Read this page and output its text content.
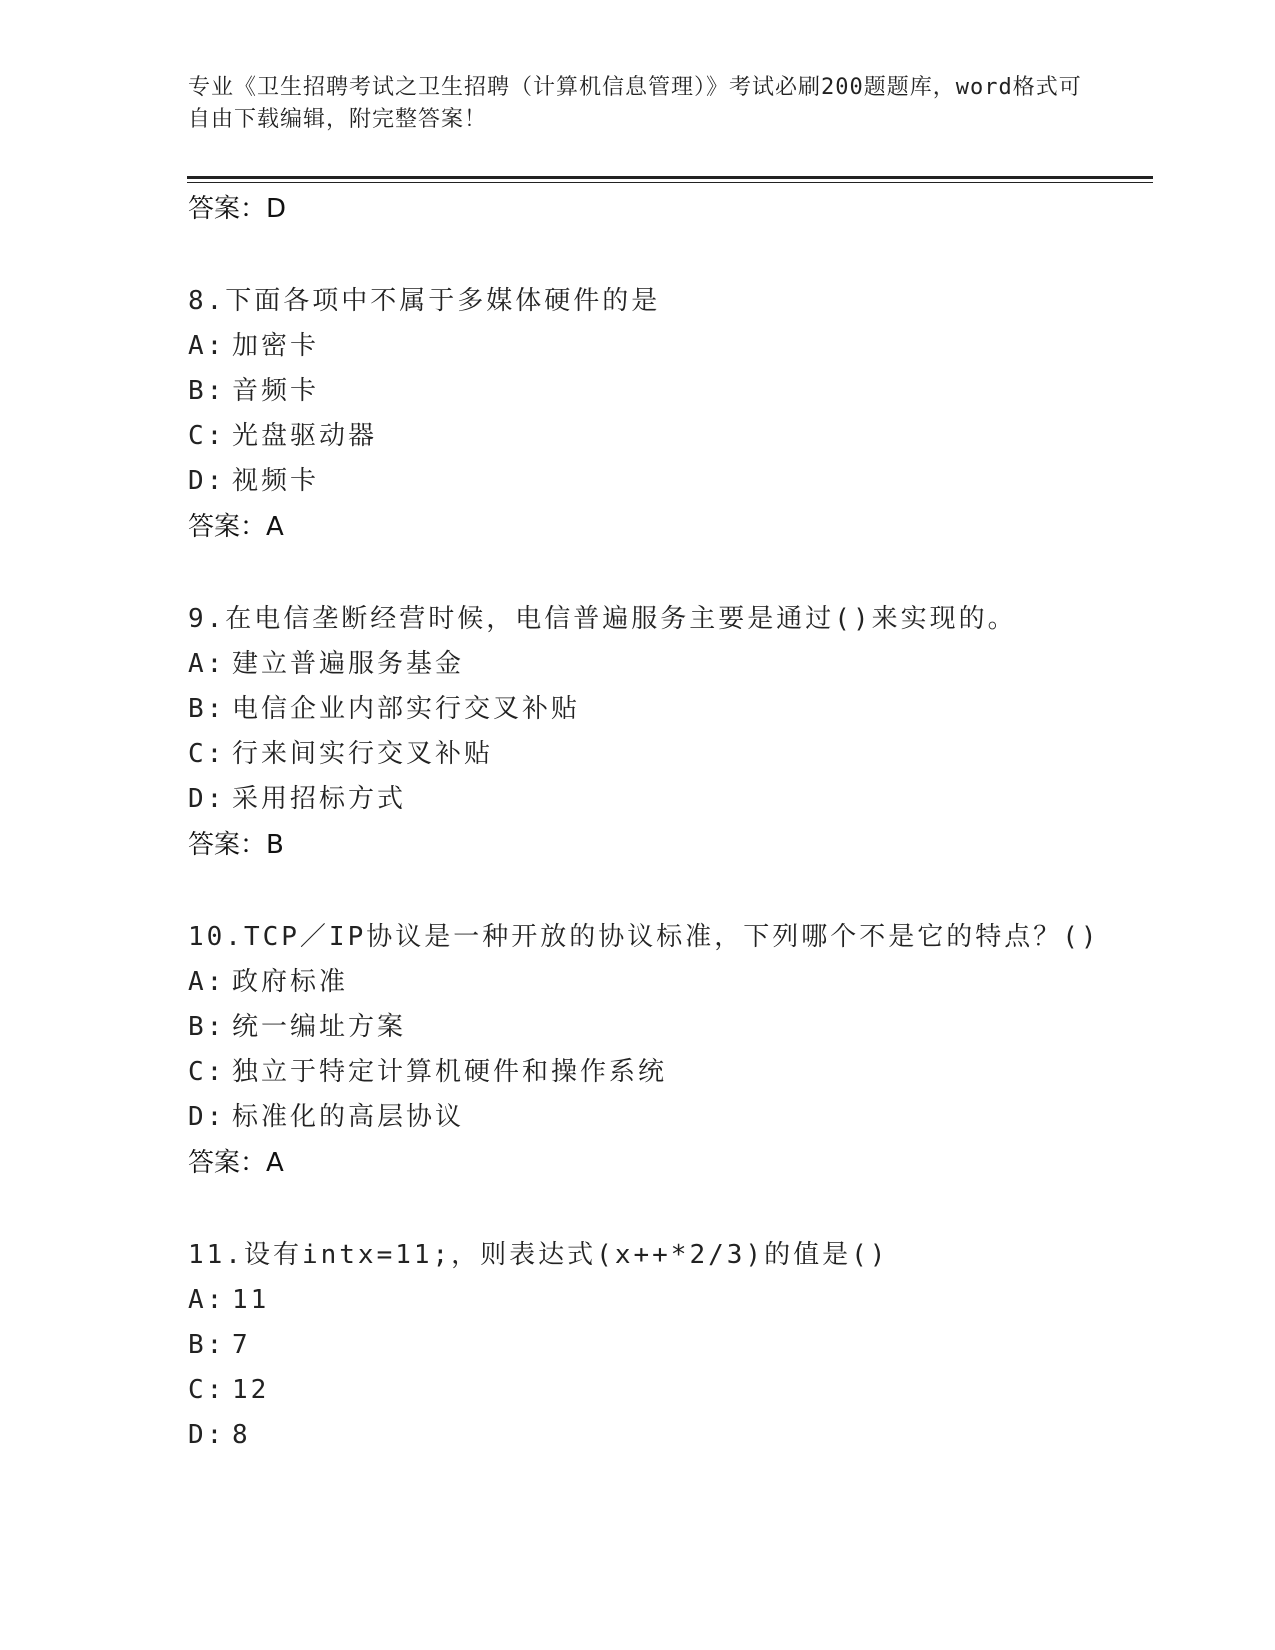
专业《卫生招聘考试之卫生招聘（计算机信息管理）》考试必刷200题题库，word格式可自由下载编辑，附完整答案！
答案：D
8.下面各项中不属于多媒体硬件的是
A: 加密卡
B: 音频卡
C: 光盘驱动器
D: 视频卡
答案：A
9.在电信垄断经营时候，电信普遍服务主要是通过()来实现的。
A: 建立普遍服务基金
B: 电信企业内部实行交叉补贴
C: 行来间实行交叉补贴
D: 采用招标方式
答案：B
10.TCP／IP协议是一种开放的协议标准，下列哪个不是它的特点？()
A: 政府标准
B: 统一编址方案
C: 独立于特定计算机硬件和操作系统
D: 标准化的高层协议
答案：A
11.设有intx=11;，则表达式(x++*2/3)的值是()
A: 11
B: 7
C: 12
D: 8
